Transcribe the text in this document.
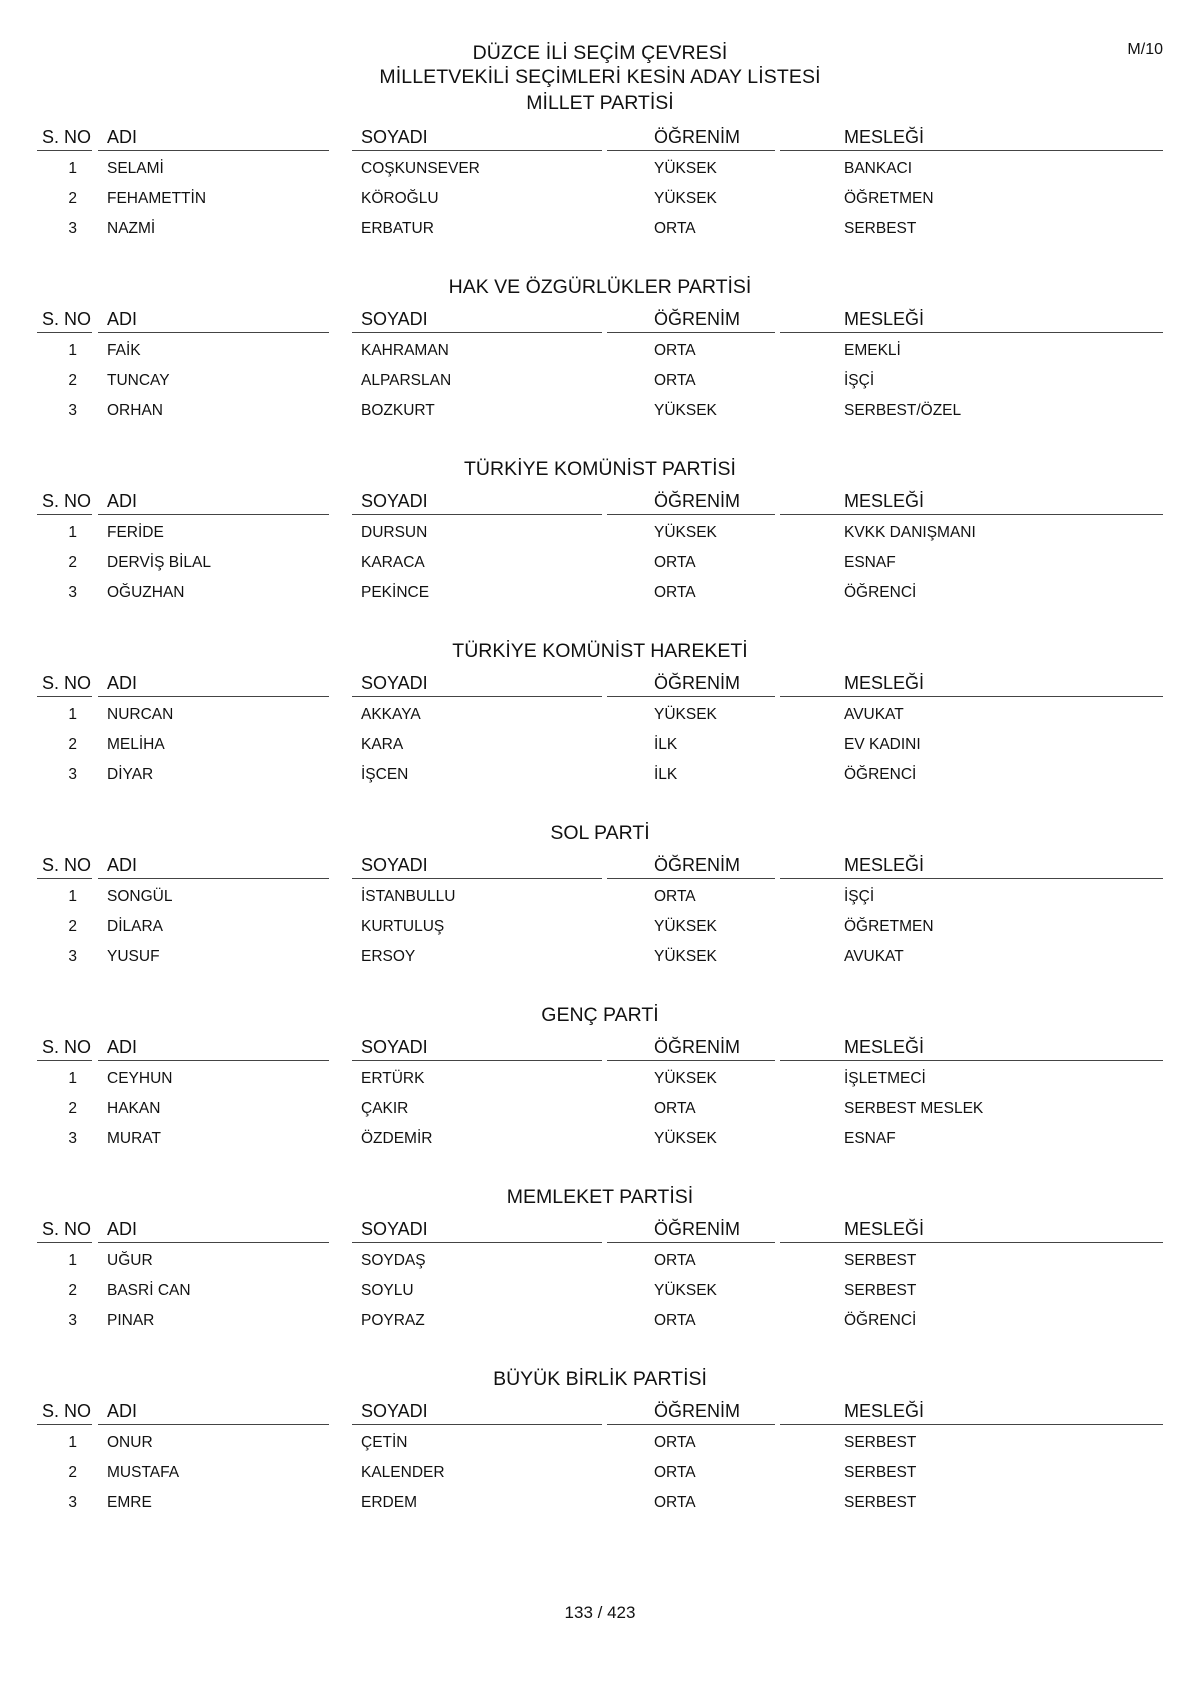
M/10
DÜZCE İLİ SEÇİM ÇEVRESİ
MİLLETVEKİLİ SEÇİMLERİ KESİN ADAY LİSTESİ
MİLLET PARTİSİ
S. NO ADI	SOYADI	ÖĞRENİM	MESLEĞİ
1 SELAMİ	COŞKUNSEVER	YÜKSEK	BANKACI
2 FEHAMETTİN	KÖROĞLU	YÜKSEK	ÖĞRETMEN
3 NAZMİ	ERBATUR	ORTA	SERBEST
HAK VE ÖZGÜRLÜKLER PARTİSİ
S. NO ADI	SOYADI	ÖĞRENİM	MESLEĞİ
1 FAİK	KAHRAMAN	ORTA	EMEKLİ
2 TUNCAY	ALPARSLAN	ORTA	İŞÇİ
3 ORHAN	BOZKURT	YÜKSEK	SERBEST/ÖZEL
TÜRKİYE KOMÜNİST PARTİSİ
S. NO ADI	SOYADI	ÖĞRENİM	MESLEĞİ
1 FERİDE	DURSUN	YÜKSEK	KVKK DANIŞMANI
2 DERVİŞ BİLAL	KARACA	ORTA	ESNAF
3 OĞUZHAN	PEKİNCE	ORTA	ÖĞRENCİ
TÜRKİYE KOMÜNİST HAREKETİ
S. NO ADI	SOYADI	ÖĞRENİM	MESLEĞİ
1 NURCAN	AKKAYA	YÜKSEK	AVUKAT
2 MELİHA	KARA	İLK	EV KADINI
3 DİYAR	İŞCEN	İLK	ÖĞRENCİ
SOL PARTİ
S. NO ADI	SOYADI	ÖĞRENİM	MESLEĞİ
1 SONGÜL	İSTANBULLU	ORTA	İŞÇİ
2 DİLARA	KURTULUŞ	YÜKSEK	ÖĞRETMEN
3 YUSUF	ERSOY	YÜKSEK	AVUKAT
GENÇ PARTİ
S. NO ADI	SOYADI	ÖĞRENİM	MESLEĞİ
1 CEYHUN	ERTÜRK	YÜKSEK	İŞLETMECİ
2 HAKAN	ÇAKIR	ORTA	SERBEST MESLEK
3 MURAT	ÖZDEMİR	YÜKSEK	ESNAF
MEMLEKET PARTİSİ
S. NO ADI	SOYADI	ÖĞRENİM	MESLEĞİ
1 UĞUR	SOYDAŞ	ORTA	SERBEST
2 BASRİ CAN	SOYLU	YÜKSEK	SERBEST
3 PINAR	POYRAZ	ORTA	ÖĞRENCİ
BÜYÜK BİRLİK PARTİSİ
S. NO ADI	SOYADI	ÖĞRENİM	MESLEĞİ
1 ONUR	ÇETİN	ORTA	SERBEST
2 MUSTAFA	KALENDER	ORTA	SERBEST
3 EMRE	ERDEM	ORTA	SERBEST
133 / 423
